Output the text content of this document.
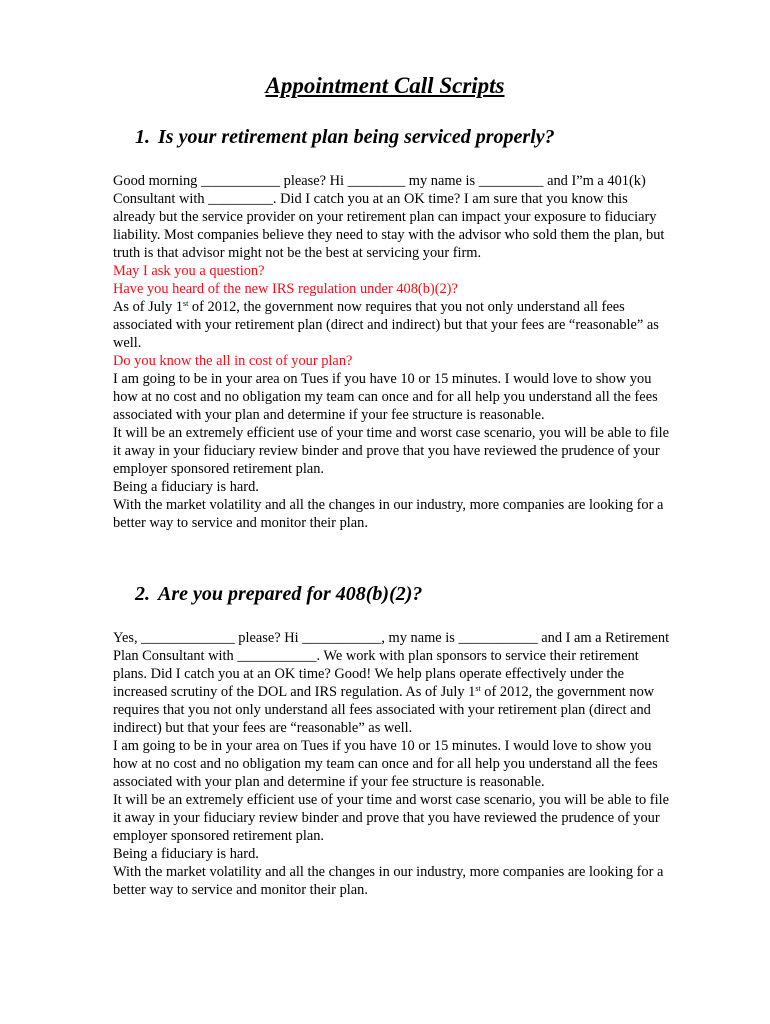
Appointment Call Scripts
1. Is your retirement plan being serviced properly?

Good morning ___________ please? Hi ________ my name is _________ and I”m a 401(k) Consultant with _________. Did I catch you at an OK time? I am sure that you know this already but the service provider on your retirement plan can impact your exposure to fiduciary liability. Most companies believe they need to stay with the advisor who sold them the plan, but truth is that advisor might not be the best at servicing your firm.

May I ask you a question?

Have you heard of the new IRS regulation under 408(b)(2)?

As of July 1st of 2012, the government now requires that you not only understand all fees associated with your retirement plan (direct and indirect) but that your fees are “reasonable” as well.

Do you know the all in cost of your plan?

I am going to be in your area on Tues if you have 10 or 15 minutes. I would love to show you how at no cost and no obligation my team can once and for all help you understand all the fees associated with your plan and determine if your fee structure is reasonable.

It will be an extremely efficient use of your time and worst case scenario, you will be able to file it away in your fiduciary review binder and prove that you have reviewed the prudence of your employer sponsored retirement plan.

Being a fiduciary is hard.

With the market volatility and all the changes in our industry, more companies are looking for a better way to service and monitor their plan.

2. Are you prepared for 408(b)(2)?

Yes, _____________ please? Hi ___________, my name is ___________ and I am a Retirement Plan Consultant with ___________. We work with plan sponsors to service their retirement plans. Did I catch you at an OK time? Good! We help plans operate effectively under the increased scrutiny of the DOL and IRS regulation. As of July 1st of 2012, the government now requires that you not only understand all fees associated with your retirement plan (direct and indirect) but that your fees are “reasonable” as well.

I am going to be in your area on Tues if you have 10 or 15 minutes. I would love to show you how at no cost and no obligation my team can once and for all help you understand all the fees associated with your plan and determine if your fee structure is reasonable.

It will be an extremely efficient use of your time and worst case scenario, you will be able to file it away in your fiduciary review binder and prove that you have reviewed the prudence of your employer sponsored retirement plan.

Being a fiduciary is hard.

With the market volatility and all the changes in our industry, more companies are looking for a better way to service and monitor their plan.
